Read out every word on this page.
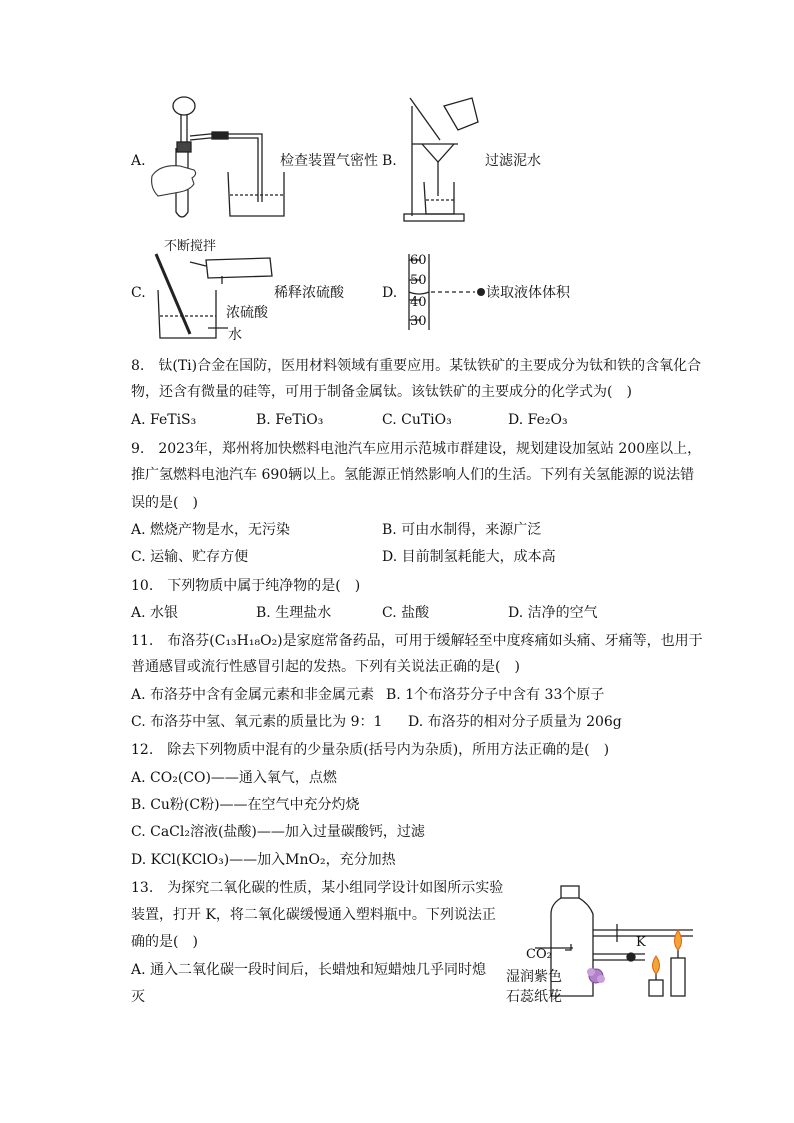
A.	检查装置气密性 B.	过滤泥水
C.
不断搅拌
稀释浓硫酸
浓硫酸
水
D.
60
50
40
30
读取液体体积
8.　钛(Ti)合金在国防，医用材料领域有重要应用。某钛铁矿的主要成分为钛和铁的含氧化合
物，还含有微量的硅等，可用于制备金属钛。该钛铁矿的主要成分的化学式为(　)
A. FeTiS₃	B. FeTiO₃	C. CuTiO₃	D. Fe₂O₃
9.　2023年，郑州将加快燃料电池汽车应用示范城市群建设，规划建设加氢站 200座以上，
推广氢燃料电池汽车 690辆以上。氢能源正悄然影响人们的生活。下列有关氢能源的说法错
误的是(　)
A. 燃烧产物是水，无污染	B. 可由水制得，来源广泛
C. 运输、贮存方便	D. 目前制氢耗能大，成本高
10.　下列物质中属于纯净物的是(　)
A. 水银	B. 生理盐水	C. 盐酸	D. 洁净的空气
11.　布洛芬(C₁₃H₁₈O₂)是家庭常备药品，可用于缓解轻至中度疼痛如头痛、牙痛等，也用于
普通感冒或流行性感冒引起的发热。下列有关说法正确的是(　)
A. 布洛芬中含有金属元素和非金属元素 B. 1个布洛芬分子中含有 33个原子
C. 布洛芬中氢、氧元素的质量比为 9：1 D. 布洛芬的相对分子质量为 206g
12.　除去下列物质中混有的少量杂质(括号内为杂质)，所用方法正确的是(　)
A. CO₂(CO)——通入氧气，点燃
B. Cu粉(C粉)——在空气中充分灼烧
C. CaCl₂溶液(盐酸)——加入过量碳酸钙，过滤
D. KCl(KClO₃)——加入MnO₂，充分加热
13.　为探究二氧化碳的性质，某小组同学设计如图所示实验
装置，打开 K，将二氧化碳缓慢通入塑料瓶中。下列说法正
确的是(　)
A. 通入二氧化碳一段时间后，长蜡烛和短蜡烛几乎同时熄
灭
CO₂
K
湿润紫色
石蕊纸花
